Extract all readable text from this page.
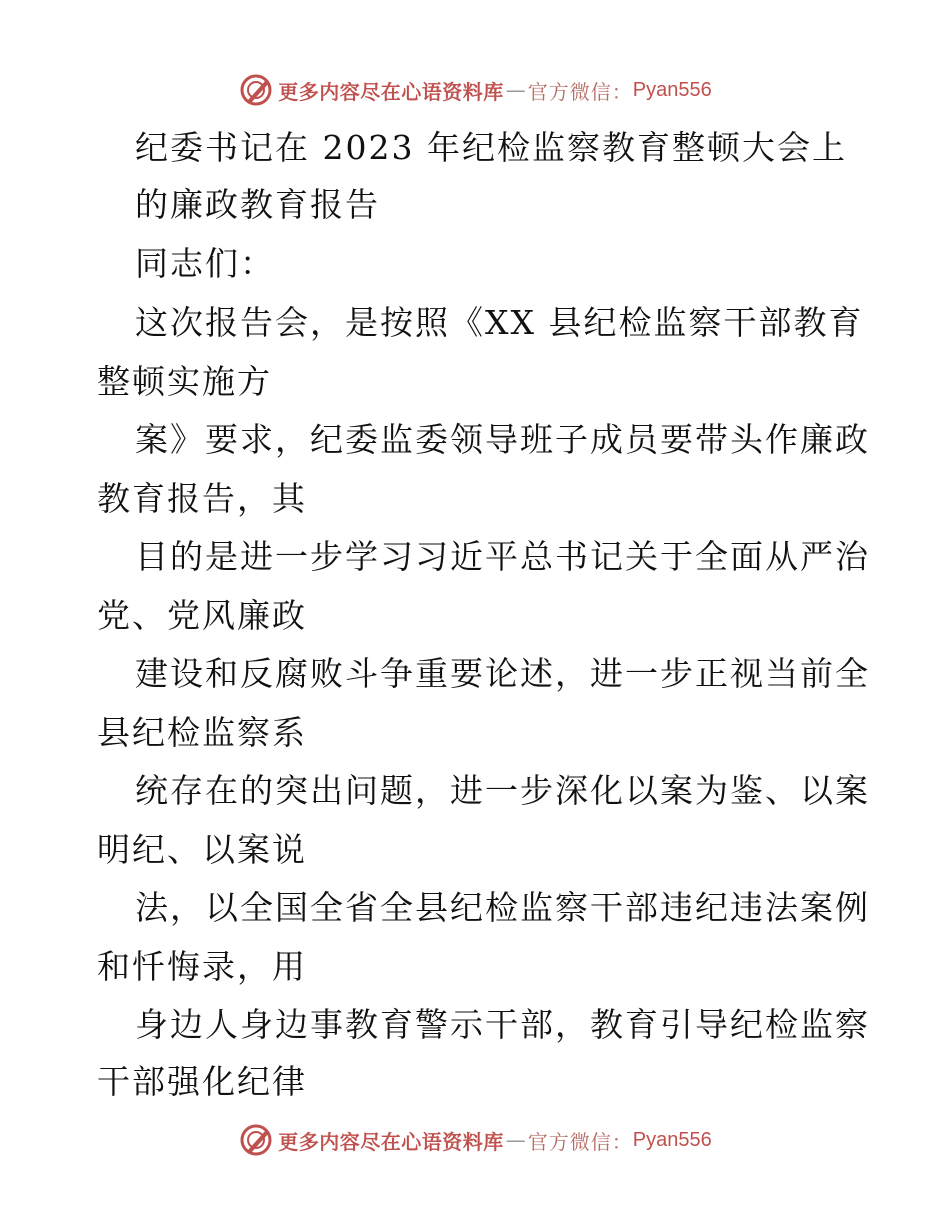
更多内容尽在心语资料库 — 官方微信： Pyan556
纪委书记在 2023 年纪检监察教育整顿大会上
的廉政教育报告
同志们：
这次报告会，是按照《XX 县纪检监察干部教育
整顿实施方
案》要求，纪委监委领导班子成员要带头作廉政
教育报告，其
目的是进一步学习习近平总书记关于全面从严治
党、党风廉政
建设和反腐败斗争重要论述，进一步正视当前全
县纪检监察系
统存在的突出问题，进一步深化以案为鉴、以案
明纪、以案说
法，以全国全省全县纪检监察干部违纪违法案例
和忏悔录，用
身边人身边事教育警示干部，教育引导纪检监察
干部强化纪律
更多内容尽在心语资料库 — 官方微信： Pyan556
